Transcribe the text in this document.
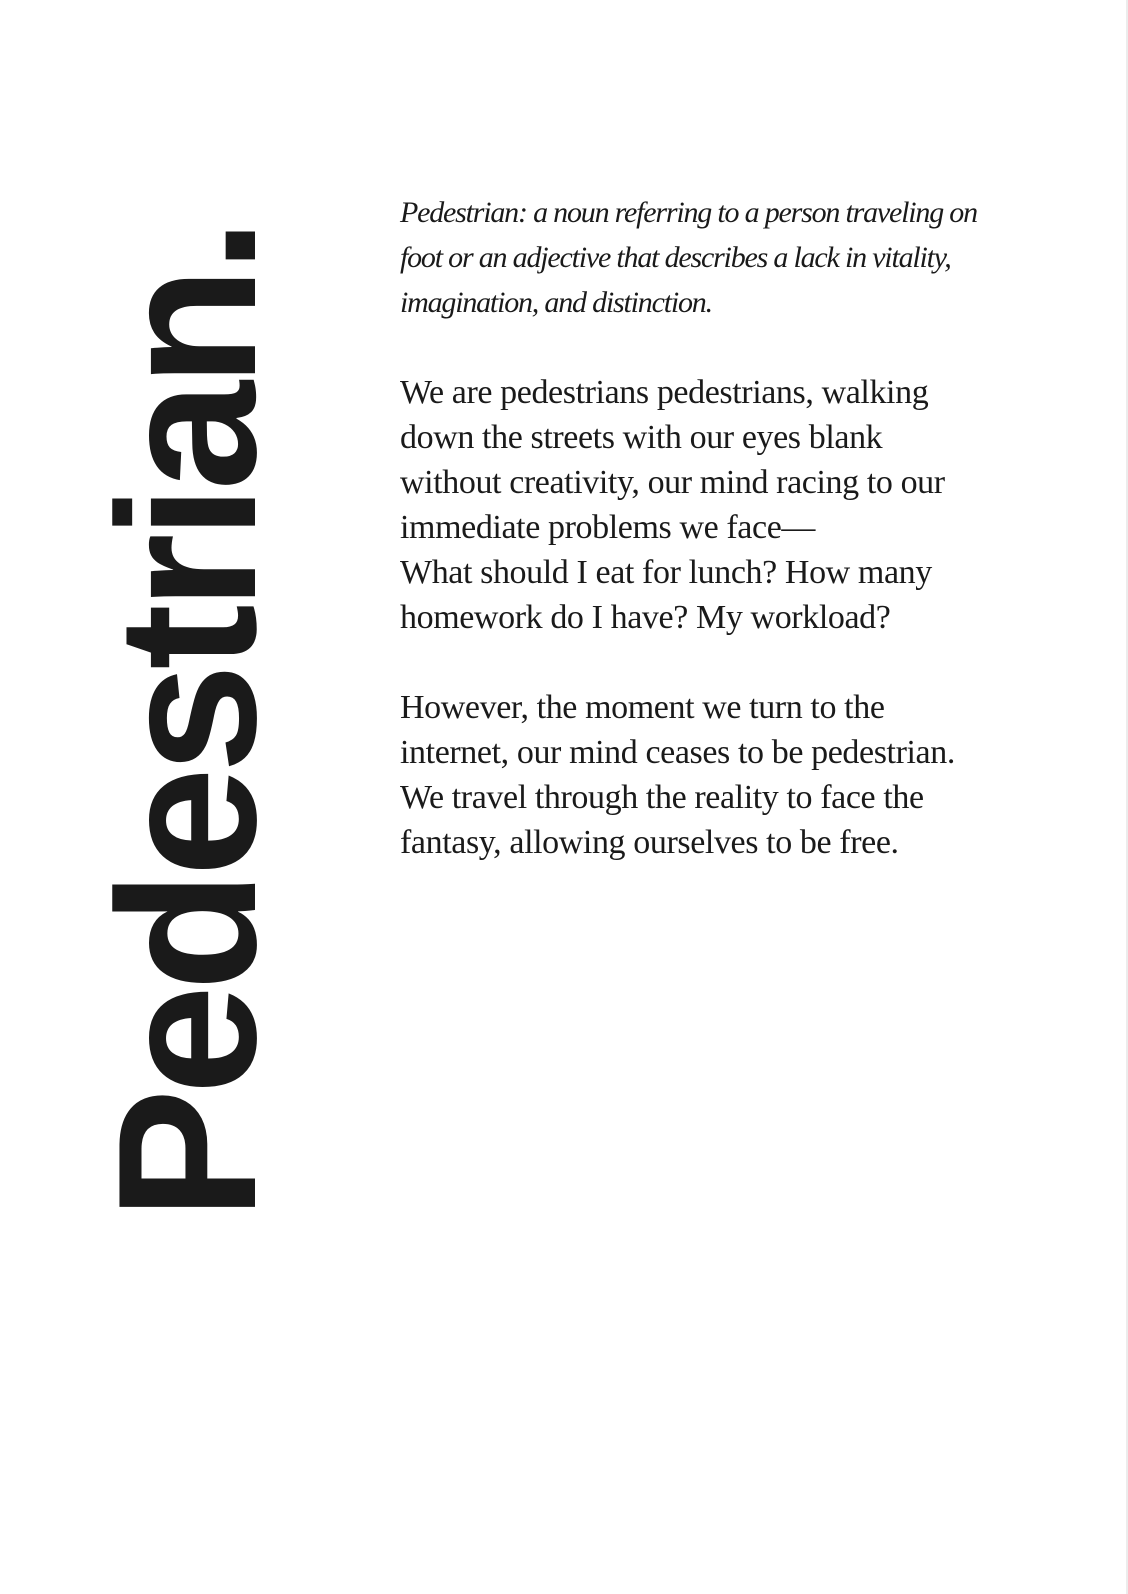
Pedestrian.

Pedestrian: a noun referring to a person traveling on
foot or an adjective that describes a lack in vitality,
imagination, and distinction.

We are pedestrians pedestrians, walking
down the streets with our eyes blank
without creativity, our mind racing to our
immediate problems we face—
What should I eat for lunch? How many
homework do I have? My workload?

However, the moment we turn to the
internet, our mind ceases to be pedestrian.
We travel through the reality to face the
fantasy, allowing ourselves to be free.
